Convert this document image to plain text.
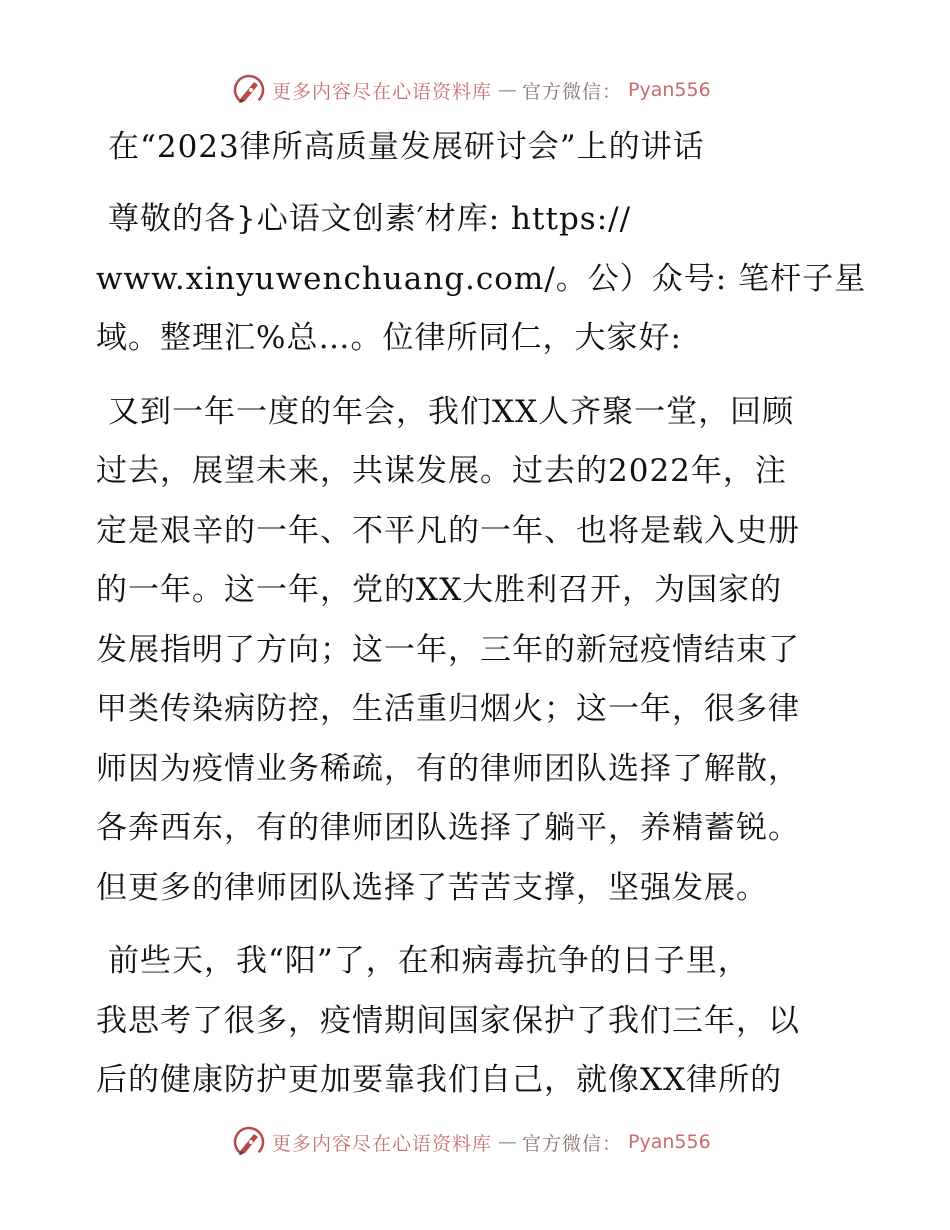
更多内容尽在心语资料库 — 官方微信： Pyan556
在“2023律所高质量发展研讨会”上的讲话

尊敬的各}心语文创素′材库: https://
www.xinyuwenchuang.com/。公）众号: 笔杆子星
域。整理汇%总…。位律所同仁，大家好:

又到一年一度的年会，我们XX人齐聚一堂，回顾
过去，展望未来，共谋发展。过去的2022年，注
定是艰辛的一年、不平凡的一年、也将是载入史册
的一年。这一年，党的XX大胜利召开，为国家的
发展指明了方向；这一年，三年的新冠疫情结束了
甲类传染病防控，生活重归烟火；这一年，很多律
师因为疫情业务稀疏，有的律师团队选择了解散，
各奔西东，有的律师团队选择了躺平，养精蓄锐。
但更多的律师团队选择了苦苦支撑，坚强发展。

前些天，我“阳”了，在和病毒抗争的日子里，
我思考了很多，疫情期间国家保护了我们三年，以
后的健康防护更加要靠我们自己，就像XX律所的

更多内容尽在心语资料库 — 官方微信： Pyan556
